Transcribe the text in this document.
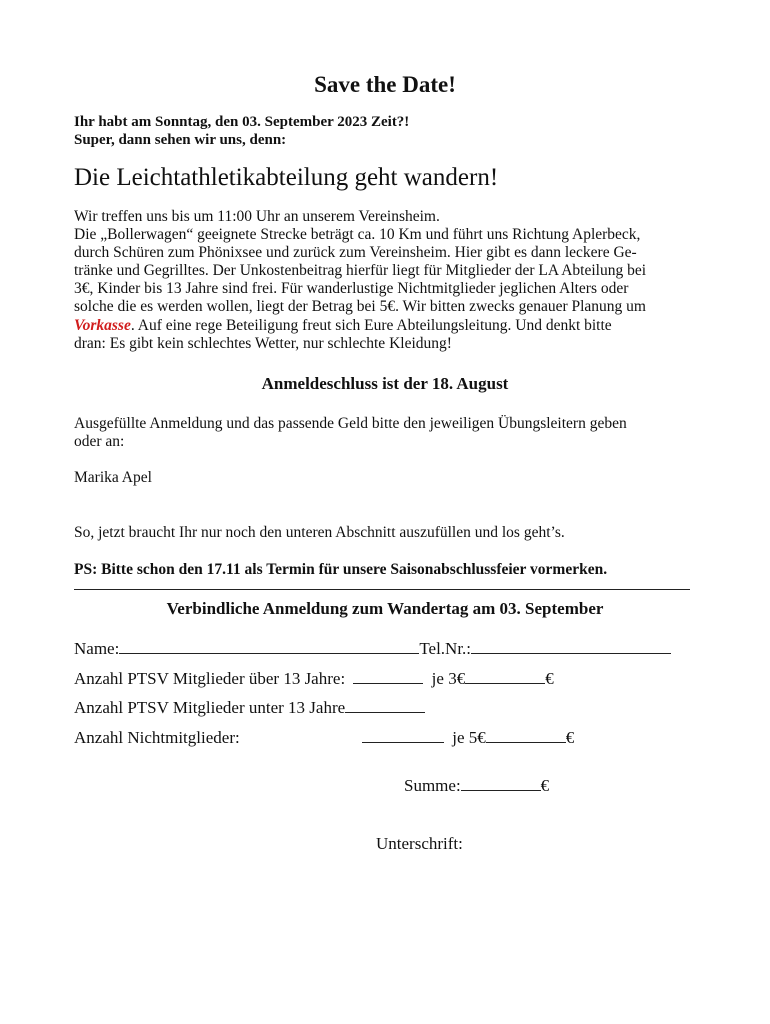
Save the Date!
Ihr habt am Sonntag, den 03. September 2023 Zeit?!
Super, dann sehen wir uns, denn:
Die Leichtathletikabteilung geht wandern!
Wir treffen uns bis um 11:00 Uhr an unserem Vereinsheim.
Die „Bollerwagen“ geeignete Strecke beträgt ca. 10 Km und führt uns Richtung Aplerbeck,
durch Schüren zum Phönixsee und zurück zum Vereinsheim. Hier gibt es dann leckere Ge-
tränke und Gegrilltes. Der Unkostenbeitrag hierfür liegt für Mitglieder der LA Abteilung bei
3€, Kinder bis 13 Jahre sind frei. Für wanderlustige Nichtmitglieder jeglichen Alters oder
solche die es werden wollen, liegt der Betrag bei 5€. Wir bitten zwecks genauer Planung um
Vorkasse. Auf eine rege Beteiligung freut sich Eure Abteilungsleitung. Und denkt bitte
dran: Es gibt kein schlechtes Wetter, nur schlechte Kleidung!
Anmeldeschluss ist der 18. August
Ausgefüllte Anmeldung und das passende Geld bitte den jeweiligen Übungsleitern geben
oder an:
Marika Apel
So, jetzt braucht Ihr nur noch den unteren Abschnitt auszufüllen und los geht’s.
PS: Bitte schon den 17.11 als Termin für unsere Saisonabschlussfeier vormerken.
Verbindliche Anmeldung zum Wandertag am 03. September
Name:	Tel.Nr.:
Anzahl PTSV Mitglieder über 13 Jahre:	je 3€	€
Anzahl PTSV Mitglieder unter 13 Jahre
Anzahl Nichtmitglieder:	je 5€	€
Summe:	€
Unterschrift:
